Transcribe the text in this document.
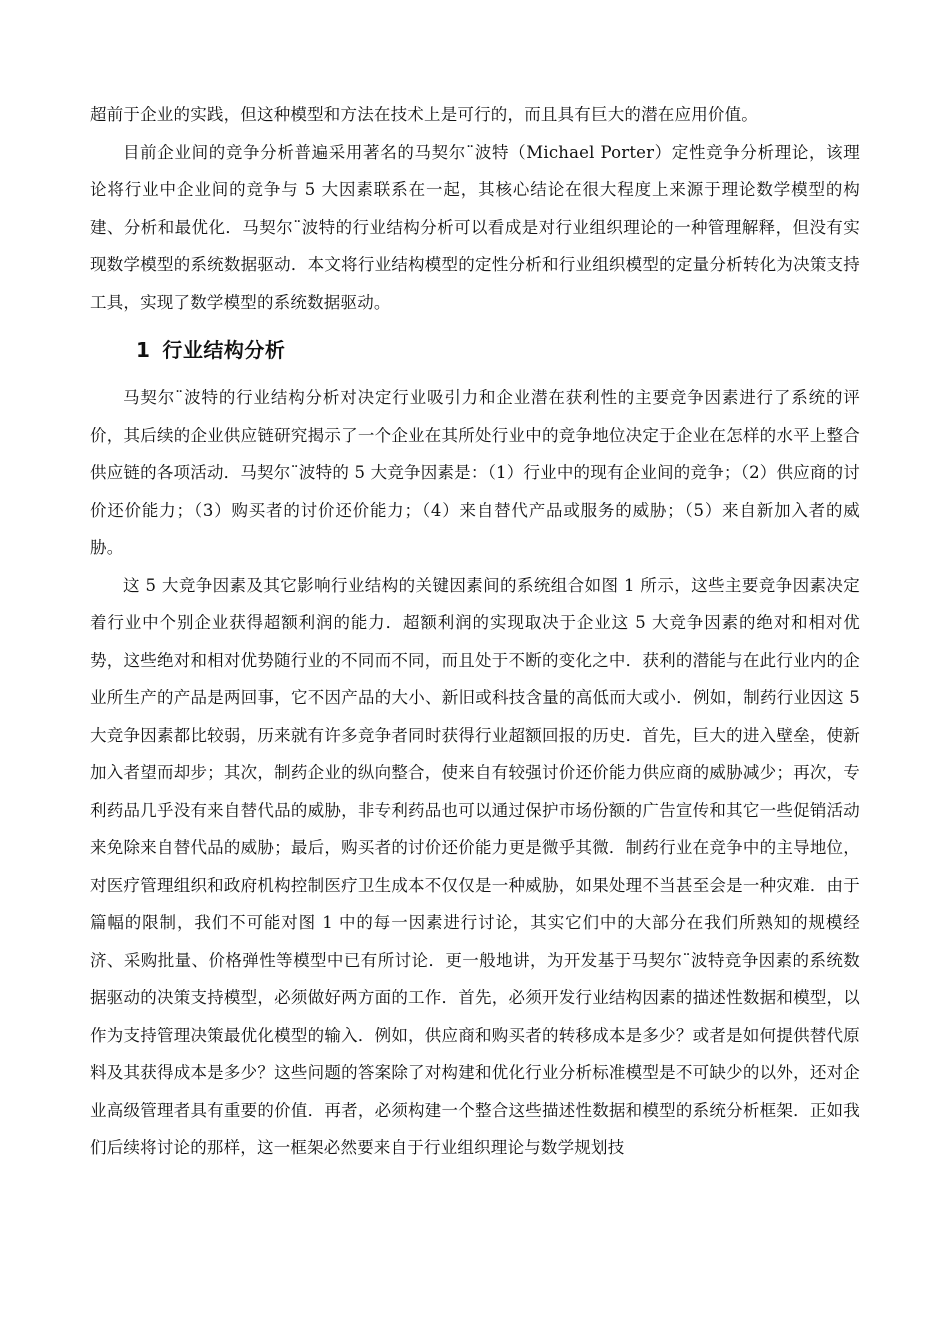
超前于企业的实践，但这种模型和方法在技术上是可行的，而且具有巨大的潜在应用价值。

目前企业间的竞争分析普遍采用著名的马契尔¨波特（Michael Porter）定性竞争分析理论，该理论将行业中企业间的竞争与 5 大因素联系在一起，其核心结论在很大程度上来源于理论数学模型的构建、分析和最优化．马契尔¨波特的行业结构分析可以看成是对行业组织理论的一种管理解释，但没有实现数学模型的系统数据驱动．本文将行业结构模型的定性分析和行业组织模型的定量分析转化为决策支持工具，实现了数学模型的系统数据驱动。

1 行业结构分析

马契尔¨波特的行业结构分析对决定行业吸引力和企业潜在获利性的主要竞争因素进行了系统的评价，其后续的企业供应链研究揭示了一个企业在其所处行业中的竞争地位决定于企业在怎样的水平上整合供应链的各项活动．马契尔¨波特的 5 大竞争因素是：（1）行业中的现有企业间的竞争；（2）供应商的讨价还价能力；（3）购买者的讨价还价能力；（4）来自替代产品或服务的威胁；（5）来自新加入者的威胁。

这 5 大竞争因素及其它影响行业结构的关键因素间的系统组合如图 1 所示，这些主要竞争因素决定着行业中个别企业获得超额利润的能力．超额利润的实现取决于企业这 5 大竞争因素的绝对和相对优势，这些绝对和相对优势随行业的不同而不同，而且处于不断的变化之中．获利的潜能与在此行业内的企业所生产的产品是两回事，它不因产品的大小、新旧或科技含量的高低而大或小．例如，制药行业因这 5 大竞争因素都比较弱，历来就有许多竞争者同时获得行业超额回报的历史．首先，巨大的进入壁垒，使新加入者望而却步；其次，制药企业的纵向整合，使来自有较强讨价还价能力供应商的威胁减少；再次，专利药品几乎没有来自替代品的威胁，非专利药品也可以通过保护市场份额的广告宣传和其它一些促销活动来免除来自替代品的威胁；最后，购买者的讨价还价能力更是微乎其微．制药行业在竞争中的主导地位，对医疗管理组织和政府机构控制医疗卫生成本不仅仅是一种威胁，如果处理不当甚至会是一种灾难．由于篇幅的限制，我们不可能对图 1 中的每一因素进行讨论，其实它们中的大部分在我们所熟知的规模经济、采购批量、价格弹性等模型中已有所讨论．更一般地讲，为开发基于马契尔¨波特竞争因素的系统数据驱动的决策支持模型，必须做好两方面的工作．首先，必须开发行业结构因素的描述性数据和模型，以作为支持管理决策最优化模型的输入．例如，供应商和购买者的转移成本是多少？或者是如何提供替代原料及其获得成本是多少？这些问题的答案除了对构建和优化行业分析标准模型是不可缺少的以外，还对企业高级管理者具有重要的价值．再者，必须构建一个整合这些描述性数据和模型的系统分析框架．正如我们后续将讨论的那样，这一框架必然要来自于行业组织理论与数学规划技
